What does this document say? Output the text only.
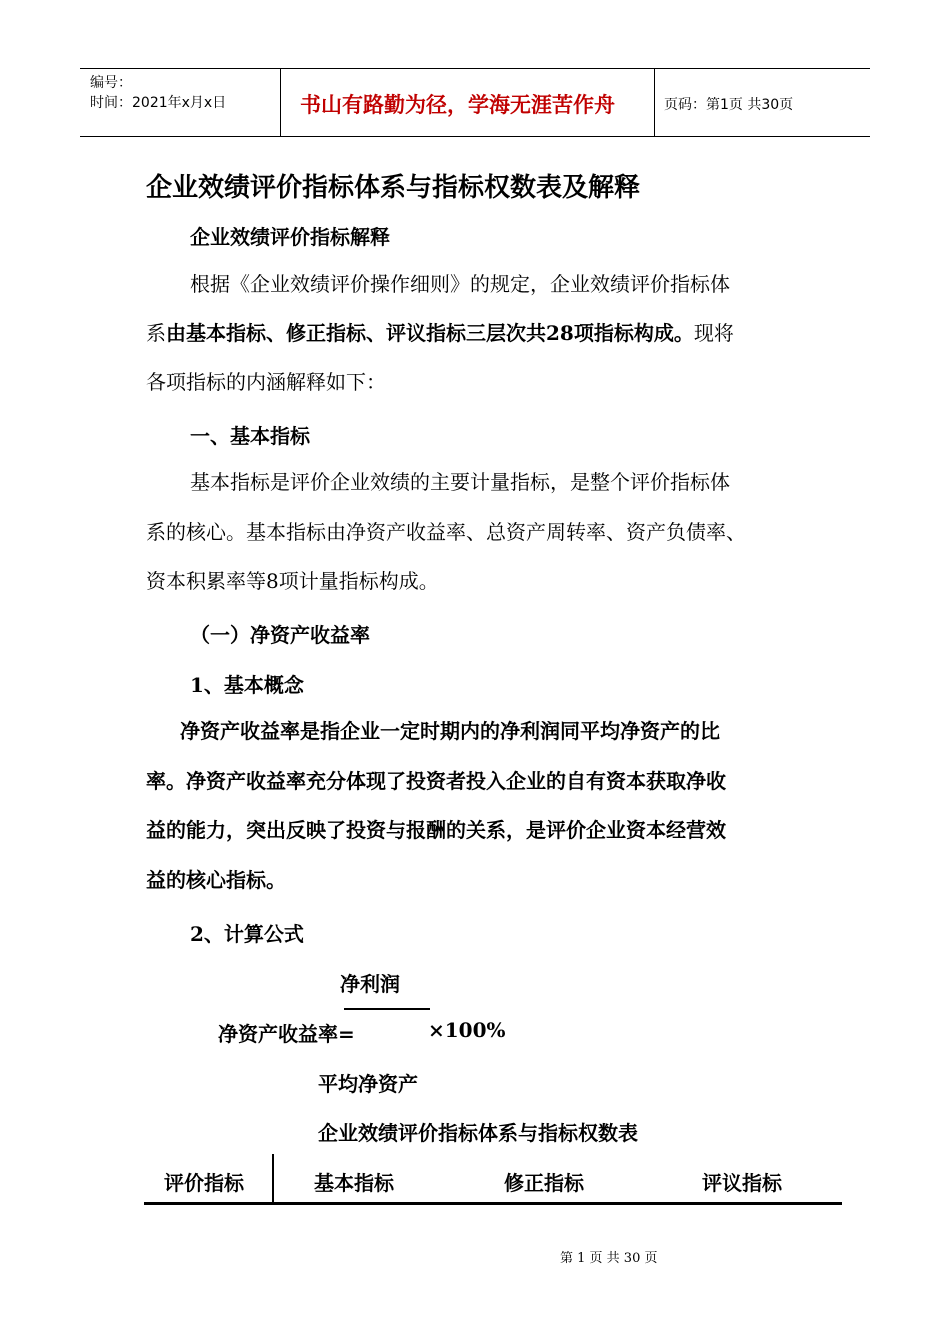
编号：
时间：2021年x月x日	书山有路勤为径，学海无涯苦作舟	页码：第1页 共30页
企业效绩评价指标体系与指标权数表及解释
企业效绩评价指标解释
根据《企业效绩评价操作细则》的规定，企业效绩评价指标体
系由基本指标、修正指标、评议指标三层次共28项指标构成。现将
各项指标的内涵解释如下：
一、基本指标
基本指标是评价企业效绩的主要计量指标，是整个评价指标体
系的核心。基本指标由净资产收益率、总资产周转率、资产负债率、
资本积累率等8项计量指标构成。
（一）净资产收益率
1、基本概念
净资产收益率是指企业一定时期内的净利润同平均净资产的比
率。净资产收益率充分体现了投资者投入企业的自有资本获取净收
益的能力，突出反映了投资与报酬的关系，是评价企业资本经营效
益的核心指标。
2、计算公式
净利润
净资产收益率=	×100%
平均净资产
企业效绩评价指标体系与指标权数表
评价指标	基本指标	修正指标	评议指标
第 1 页 共 30 页
